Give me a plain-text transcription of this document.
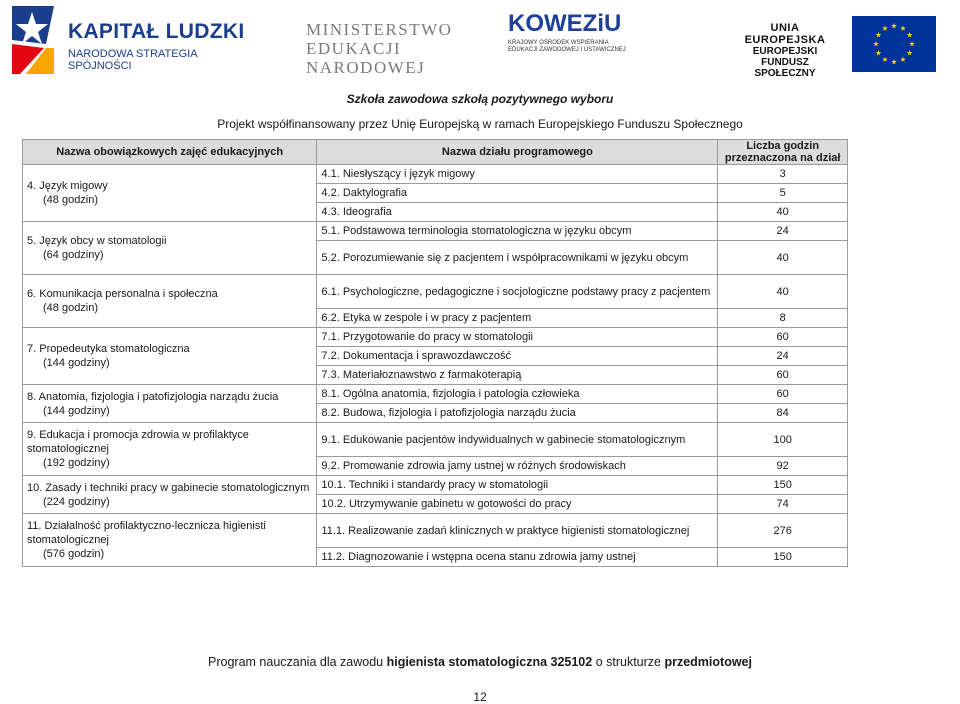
KAPITAŁ LUDZKI
NARODOWA STRATEGIA SPÓJNOŚCI
MINISTERSTWO
EDUKACJI
NARODOWEJ
KOWEZiU
KRAJOWY OŚRODEK WSPIERANIA
EDUKACJI ZAWODOWEJ I USTAWICZNEJ
UNIA EUROPEJSKA
EUROPEJSKI
FUNDUSZ SPOŁECZNY
Szkoła zawodowa szkołą pozytywnego wyboru
Projekt współfinansowany przez Unię Europejską w ramach Europejskiego Funduszu Społecznego
Nazwa obowiązkowych zajęć edukacyjnych	Nazwa działu programowego	Liczba godzin przeznaczona na dział

4. Język migowy
(48 godzin)	4.1. Niesłyszący i język migowy	3

	4.2. Daktylografia	5

	4.3. Ideografia	40

5. Język obcy w stomatologii
(64 godziny)	5.1. Podstawowa terminologia stomatologiczna w języku obcym	24

	5.2. Porozumiewanie się z pacjentem i współpracownikami w języku obcym	40

6. Komunikacja personalna i społeczna
(48 godzin)	6.1. Psychologiczne, pedagogiczne i socjologiczne podstawy pracy z pacjentem	40

	6.2. Etyka w zespole i w pracy z pacjentem	8

7. Propedeutyka stomatologiczna
(144 godziny)	7.1. Przygotowanie do pracy w stomatologii	60

	7.2. Dokumentacja i sprawozdawczość	24

	7.3. Materiałoznawstwo z farmakoterapią	60

8. Anatomia, fizjologia i patofizjologia narządu żucia
(144 godziny)	8.1. Ogólna anatomia, fizjologia i patologia człowieka	60

	8.2. Budowa, fizjologia i patofizjologia narządu żucia	84

9. Edukacja i promocja zdrowia w profilaktyce stomatologicznej
(192 godziny)	9.1. Edukowanie pacjentów indywidualnych w gabinecie stomatologicznym	100

	9.2. Promowanie zdrowia jamy ustnej w różnych środowiskach	92

10. Zasady i techniki pracy w gabinecie stomatologicznym
(224 godziny)	10.1. Techniki i standardy pracy w stomatologii	150

	10.2. Utrzymywanie gabinetu w gotowości do pracy	74

11. Działalność profilaktyczno-lecznicza higienisti stomatologicznej
(576 godzin)	11.1. Realizowanie zadań klinicznych w praktyce higienisti stomatologicznej	276

	11.2. Diagnozowanie i wstępna ocena stanu zdrowia jamy ustnej	150
Program nauczania dla zawodu higienista stomatologiczna 325102 o strukturze przedmiotowej
12
